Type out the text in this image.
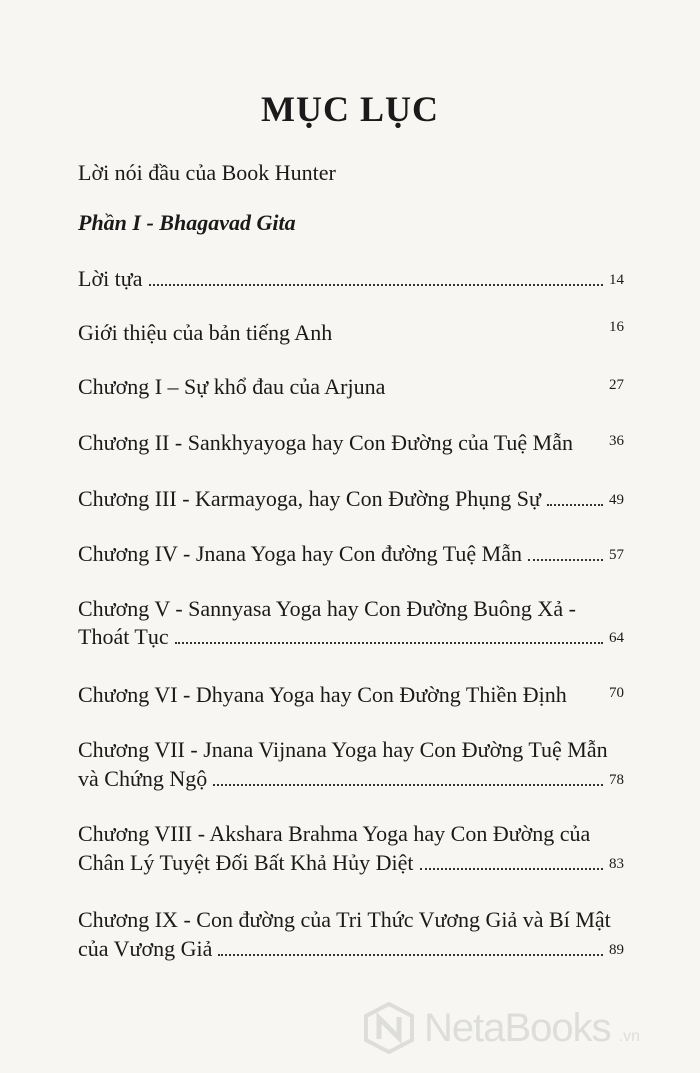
MỤC LỤC
Lời nói đầu của Book Hunter
Phần I - Bhagavad Gita
Lời tựa	14
Giới thiệu của bản tiếng Anh	16
Chương I – Sự khổ đau của Arjuna	27
Chương II - Sankhyayoga hay Con Đường của Tuệ Mẫn 36
Chương III - Karmayoga, hay Con Đường Phụng Sự	49
Chương IV - Jnana Yoga hay Con đường Tuệ Mẫn	57
Chương V - Sannyasa Yoga hay Con Đường Buông Xả -
Thoát Tục	64
Chương VI - Dhyana Yoga hay Con Đường Thiền Định	70
Chương VII - Jnana Vijnana Yoga hay Con Đường Tuệ Mẫn
và Chứng Ngộ	78
Chương VIII - Akshara Brahma Yoga hay Con Đường của
Chân Lý Tuyệt Đối Bất Khả Hủy Diệt	83
Chương IX - Con đường của Tri Thức Vương Giả và Bí Mật
của Vương Giả	89
NetaBooks .vn
